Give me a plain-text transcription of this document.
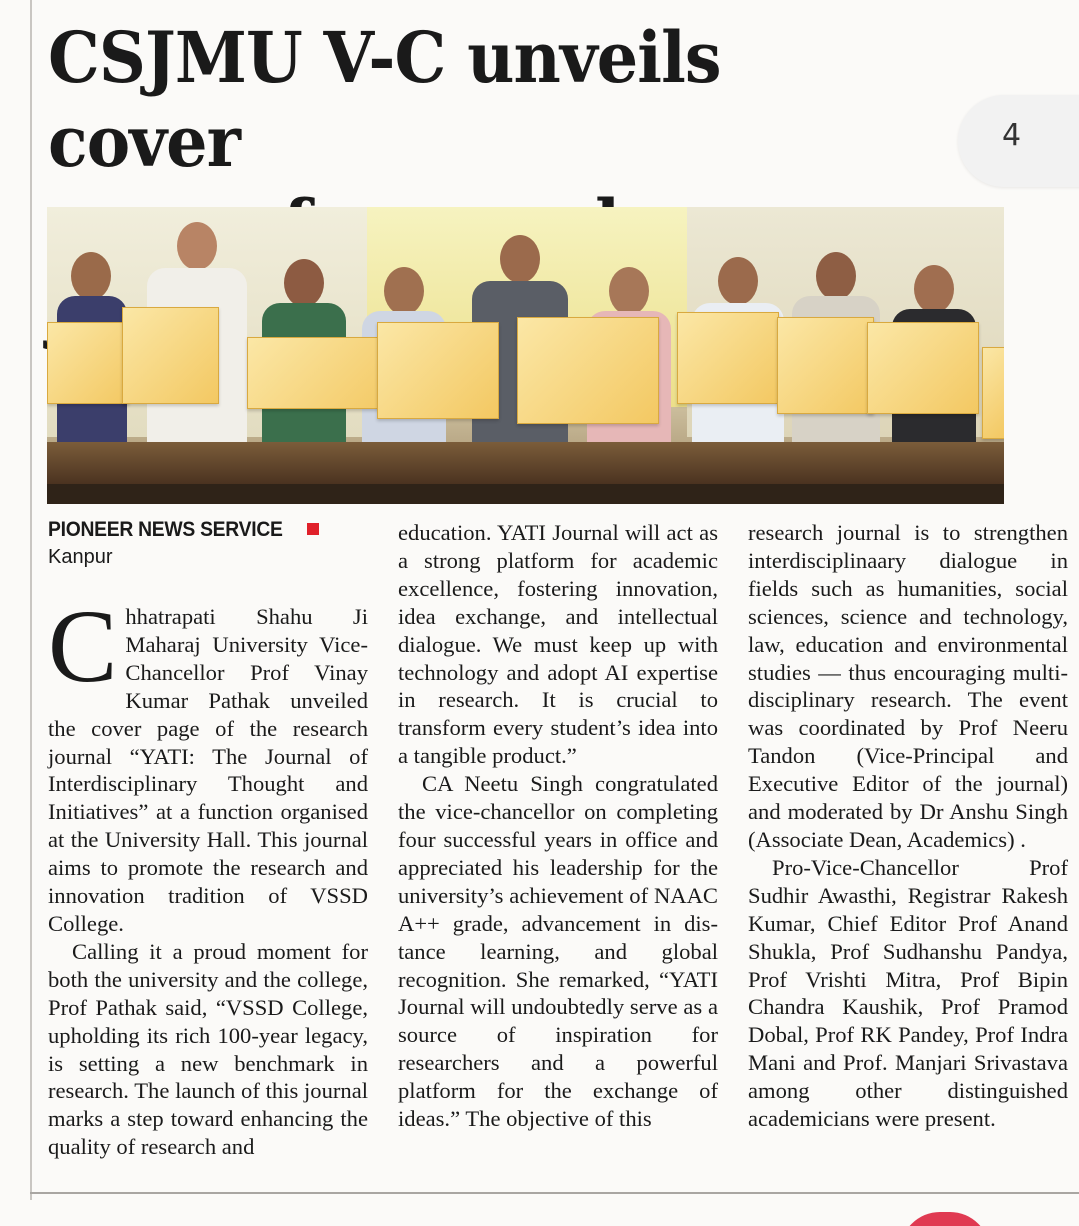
CSJMU V-C unveils cover	4
PIONEER NEWS SERVICE
Kanpur

Chhatrapati Shahu Ji Maharaj University Vice-Chancellor Prof Vinay Kumar Pathak unveiled the cover page of the research journal “YATI: The Journal of Interdisciplinary Thought and Initiatives” at a function organised at the University Hall. This journal aims to promote the research and innovation tradition of VSSD College.

Calling it a proud moment for both the university and the college, Prof Pathak said, “VSSD College, upholding its rich 100-year legacy, is setting a new benchmark in research. The launch of this journal marks a step toward enhancing the quality of research and

education. YATI Journal will act as a strong platform for academic excellence, fostering innovation, idea exchange, and intellectual dialogue. We must keep up with technology and adopt AI expertise in research. It is crucial to transform every student’s idea into a tangible product.”

CA Neetu Singh congratulated the vice-chancellor on completing four successful years in office and appreciated his leadership for the university’s achievement of NAAC A++ grade, advancement in distance learning, and global recognition. She remarked, “YATI Journal will undoubtedly serve as a source of inspiration for researchers and a powerful platform for the exchange of ideas.” The objective of this

research journal is to strengthen interdisciplinaary dialogue in fields such as humanities, social sciences, science and technology, law, education and environmental studies — thus encouraging multi-disciplinary research. The event was coordinated by Prof Neeru Tandon (Vice-Principal and Executive Editor of the journal) and moderated by Dr Anshu Singh (Associate Dean, Academics) .

Pro-Vice-Chancellor Prof Sudhir Awasthi, Registrar Rakesh Kumar, Chief Editor Prof Anand Shukla, Prof Sudhanshu Pandya, Prof Vrishti Mitra, Prof Bipin Chandra Kaushik, Prof Pramod Dobal, Prof RK Pandey, Prof Indra Mani and Prof. Manjari Srivastava among other distinguished academicians were present.
